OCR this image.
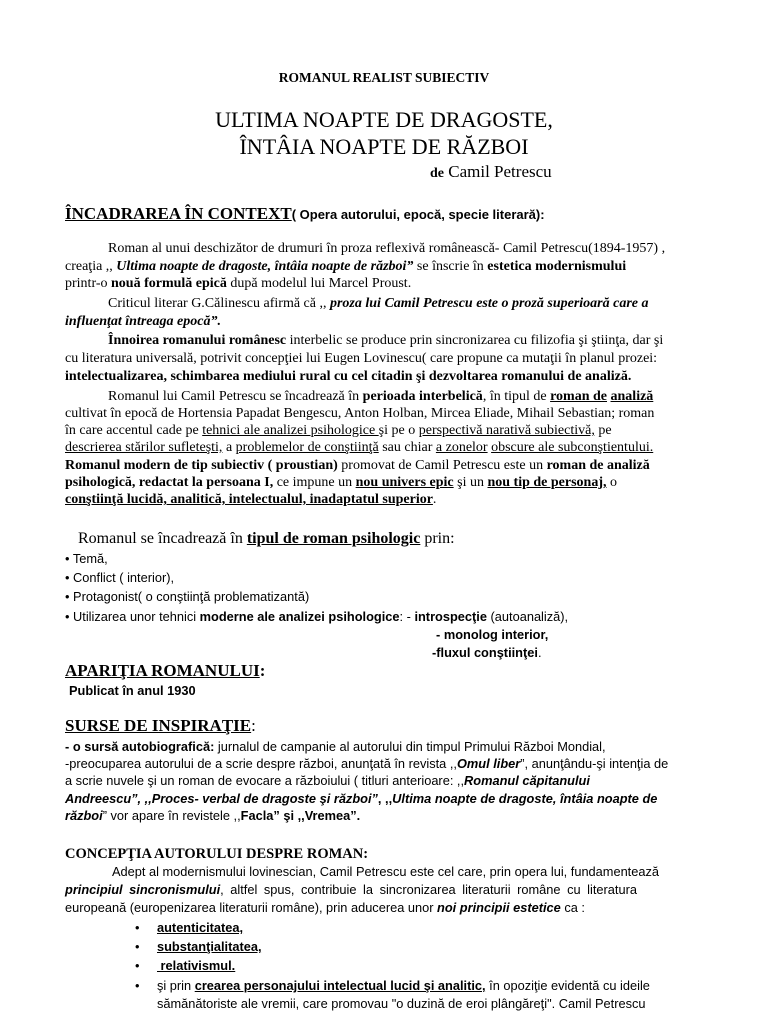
ROMANUL REALIST SUBIECTIV
ULTIMA NOAPTE DE DRAGOSTE,
ÎNTÂIA NOAPTE DE RĂZBOI
de Camil Petrescu
ÎNCADRAREA ÎN CONTEXT( Opera autorului, epocă, specie literară):
Roman al unui deschizător de drumuri în proza reflexivă românească- Camil Petrescu(1894-1957) ,
creaţia ,, Ultima noapte de dragoste, întâia noapte de război” se înscrie în estetica modernismului
printr-o nouă formulă epică după modelul lui Marcel Proust.
Criticul literar G.Călinescu afirmă că ,, proza lui Camil Petrescu este o proză superioară care a
influenţat întreaga epocă”.
Înnoirea romanului românesc interbelic se produce prin sincronizarea cu filizofia şi ştiinţa, dar şi
cu literatura universală, potrivit concepţiei lui Eugen Lovinescu( care propune ca mutaţii în planul prozei:
intelectualizarea, schimbarea mediului rural cu cel citadin şi dezvoltarea romanului de analiză.
Romanul lui Camil Petrescu se încadrează în perioada interbelică, în tipul de roman de analiză
cultivat în epocă de Hortensia Papadat Bengescu, Anton Holban, Mircea Eliade, Mihail Sebastian; roman
în care accentul cade pe tehnici ale analizei psihologice şi pe o perspectivă narativă subiectivă, pe
descrierea stărilor sufleteşti, a problemelor de conştiinţă sau chiar a zonelor obscure ale subconştientului.
Romanul modern de tip subiectiv ( proustian) promovat de Camil Petrescu este un roman de analiză
psihologică, redactat la persoana I, ce impune un nou univers epic şi un nou tip de personaj, o
conştiinţă lucidă, analitică, intelectualul, inadaptatul superior.
Romanul se încadrează în tipul de roman psihologic prin:
• Temă,
• Conflict ( interior),
• Protagonist( o conştiinţă problematizantă)
• Utilizarea unor tehnici moderne ale analizei psihologice: - introspecţie (autoanaliză),
- monolog interior,
-fluxul conştiinţei.
APARIŢIA ROMANULUI:
Publicat în anul 1930
SURSE DE INSPIRAŢIE:
- o sursă autobiografică: jurnalul de campanie al autorului din timpul Primului Război Mondial,
-preocuparea autorului de a scrie despre război, anunţată în revista ,,Omul liber”, anunţându-şi intenţia de
a scrie nuvele şi un roman de evocare a războiului ( titluri anterioare: ,,Romanul căpitanului
Andreescu”, ,,Proces- verbal de dragoste şi război”, ,,Ultima noapte de dragoste, întâia noapte de
război” vor apare în revistele ,,Facla” şi ,,Vremea”.
CONCEPŢIA AUTORULUI DESPRE ROMAN:
Adept al modernismului lovinescian, Camil Petrescu este cel care, prin opera lui, fundamentează
principiul sincronismului, altfel spus, contribuie la sincronizarea literaturii române cu literatura
europeană (europenizarea literaturii române), prin aducerea unor noi principii estetice ca :
• autenticitatea,
• substanţialitatea,
• relativismul.
• şi prin crearea personajului intelectual lucid şi analitic, în opoziţie evidentă cu ideile
sămănătoriste ale vremii, care promovau "o duzină de eroi plângăreţi". Camil Petrescu
